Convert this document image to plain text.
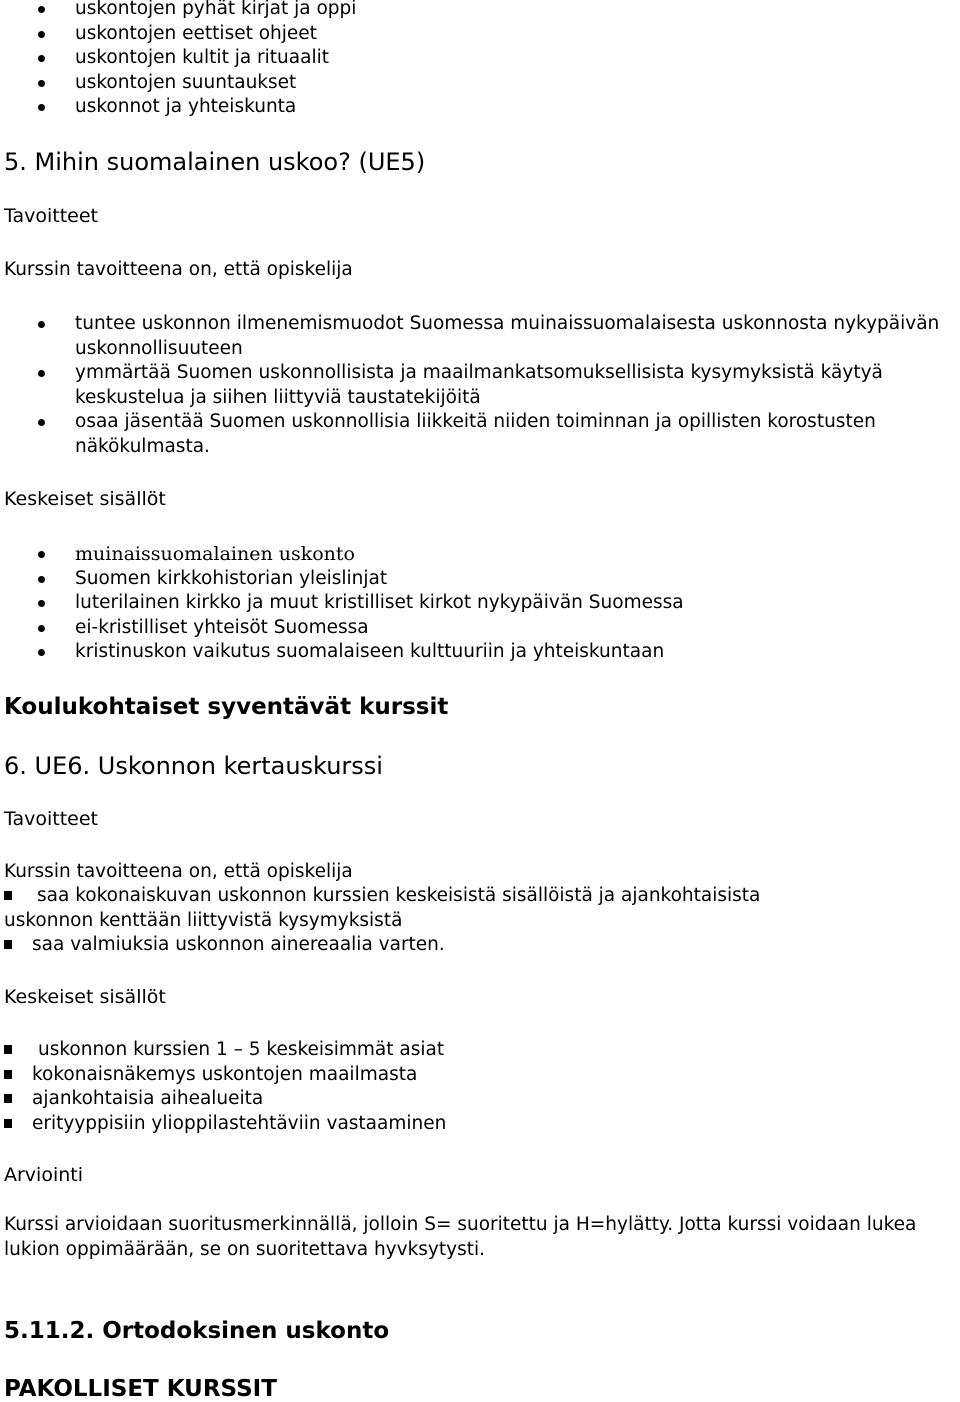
uskontojen pyhät kirjat ja oppi
uskontojen eettiset ohjeet
uskontojen kultit ja rituaalit
uskontojen suuntaukset
uskonnot ja yhteiskunta
5. Mihin suomalainen uskoo? (UE5)
Tavoitteet
Kurssin tavoitteena on, että opiskelija
tuntee uskonnon ilmenemismuodot Suomessa muinaissuomalaisesta uskonnosta nykypäivän uskonnollisuuteen
ymmärtää Suomen uskonnollisista ja maailmankatsomuksellisista kysymyksistä käytyä keskustelua ja siihen liittyviä taustatekijöitä
osaa jäsentää Suomen uskonnollisia liikkeitä niiden toiminnan ja opillisten korostusten näkökulmasta.
Keskeiset sisällöt
muinaissuomalainen uskonto
Suomen kirkkohistorian yleislinjat
luterilainen kirkko ja muut kristilliset kirkot nykypäivän Suomessa
ei-kristilliset yhteisöt Suomessa
kristinuskon vaikutus suomalaiseen kulttuuriin ja yhteiskuntaan
Koulukohtaiset syventävät kurssit
6. UE6. Uskonnon kertauskurssi
Tavoitteet
Kurssin tavoitteena on, että opiskelija
saa kokonaiskuvan uskonnon kurssien keskeisistä sisällöistä ja ajankohtaisista
uskonnon kenttään liittyvistä kysymyksistä
saa valmiuksia uskonnon ainereaalia varten.
Keskeiset sisällöt
uskonnon kurssien 1 – 5 keskeisimmät asiat
kokonaisnäkemys uskontojen maailmasta
ajankohtaisia aihealueita
erityyppisiin ylioppilastehtäviin vastaaminen
Arviointi
Kurssi arvioidaan suoritusmerkinnällä, jolloin S= suoritettu ja H=hylätty. Jotta kurssi voidaan lukea lukion oppimäärään, se on suoritettava hyvksytysti.
5.11.2. Ortodoksinen uskonto
PAKOLLISET KURSSIT
